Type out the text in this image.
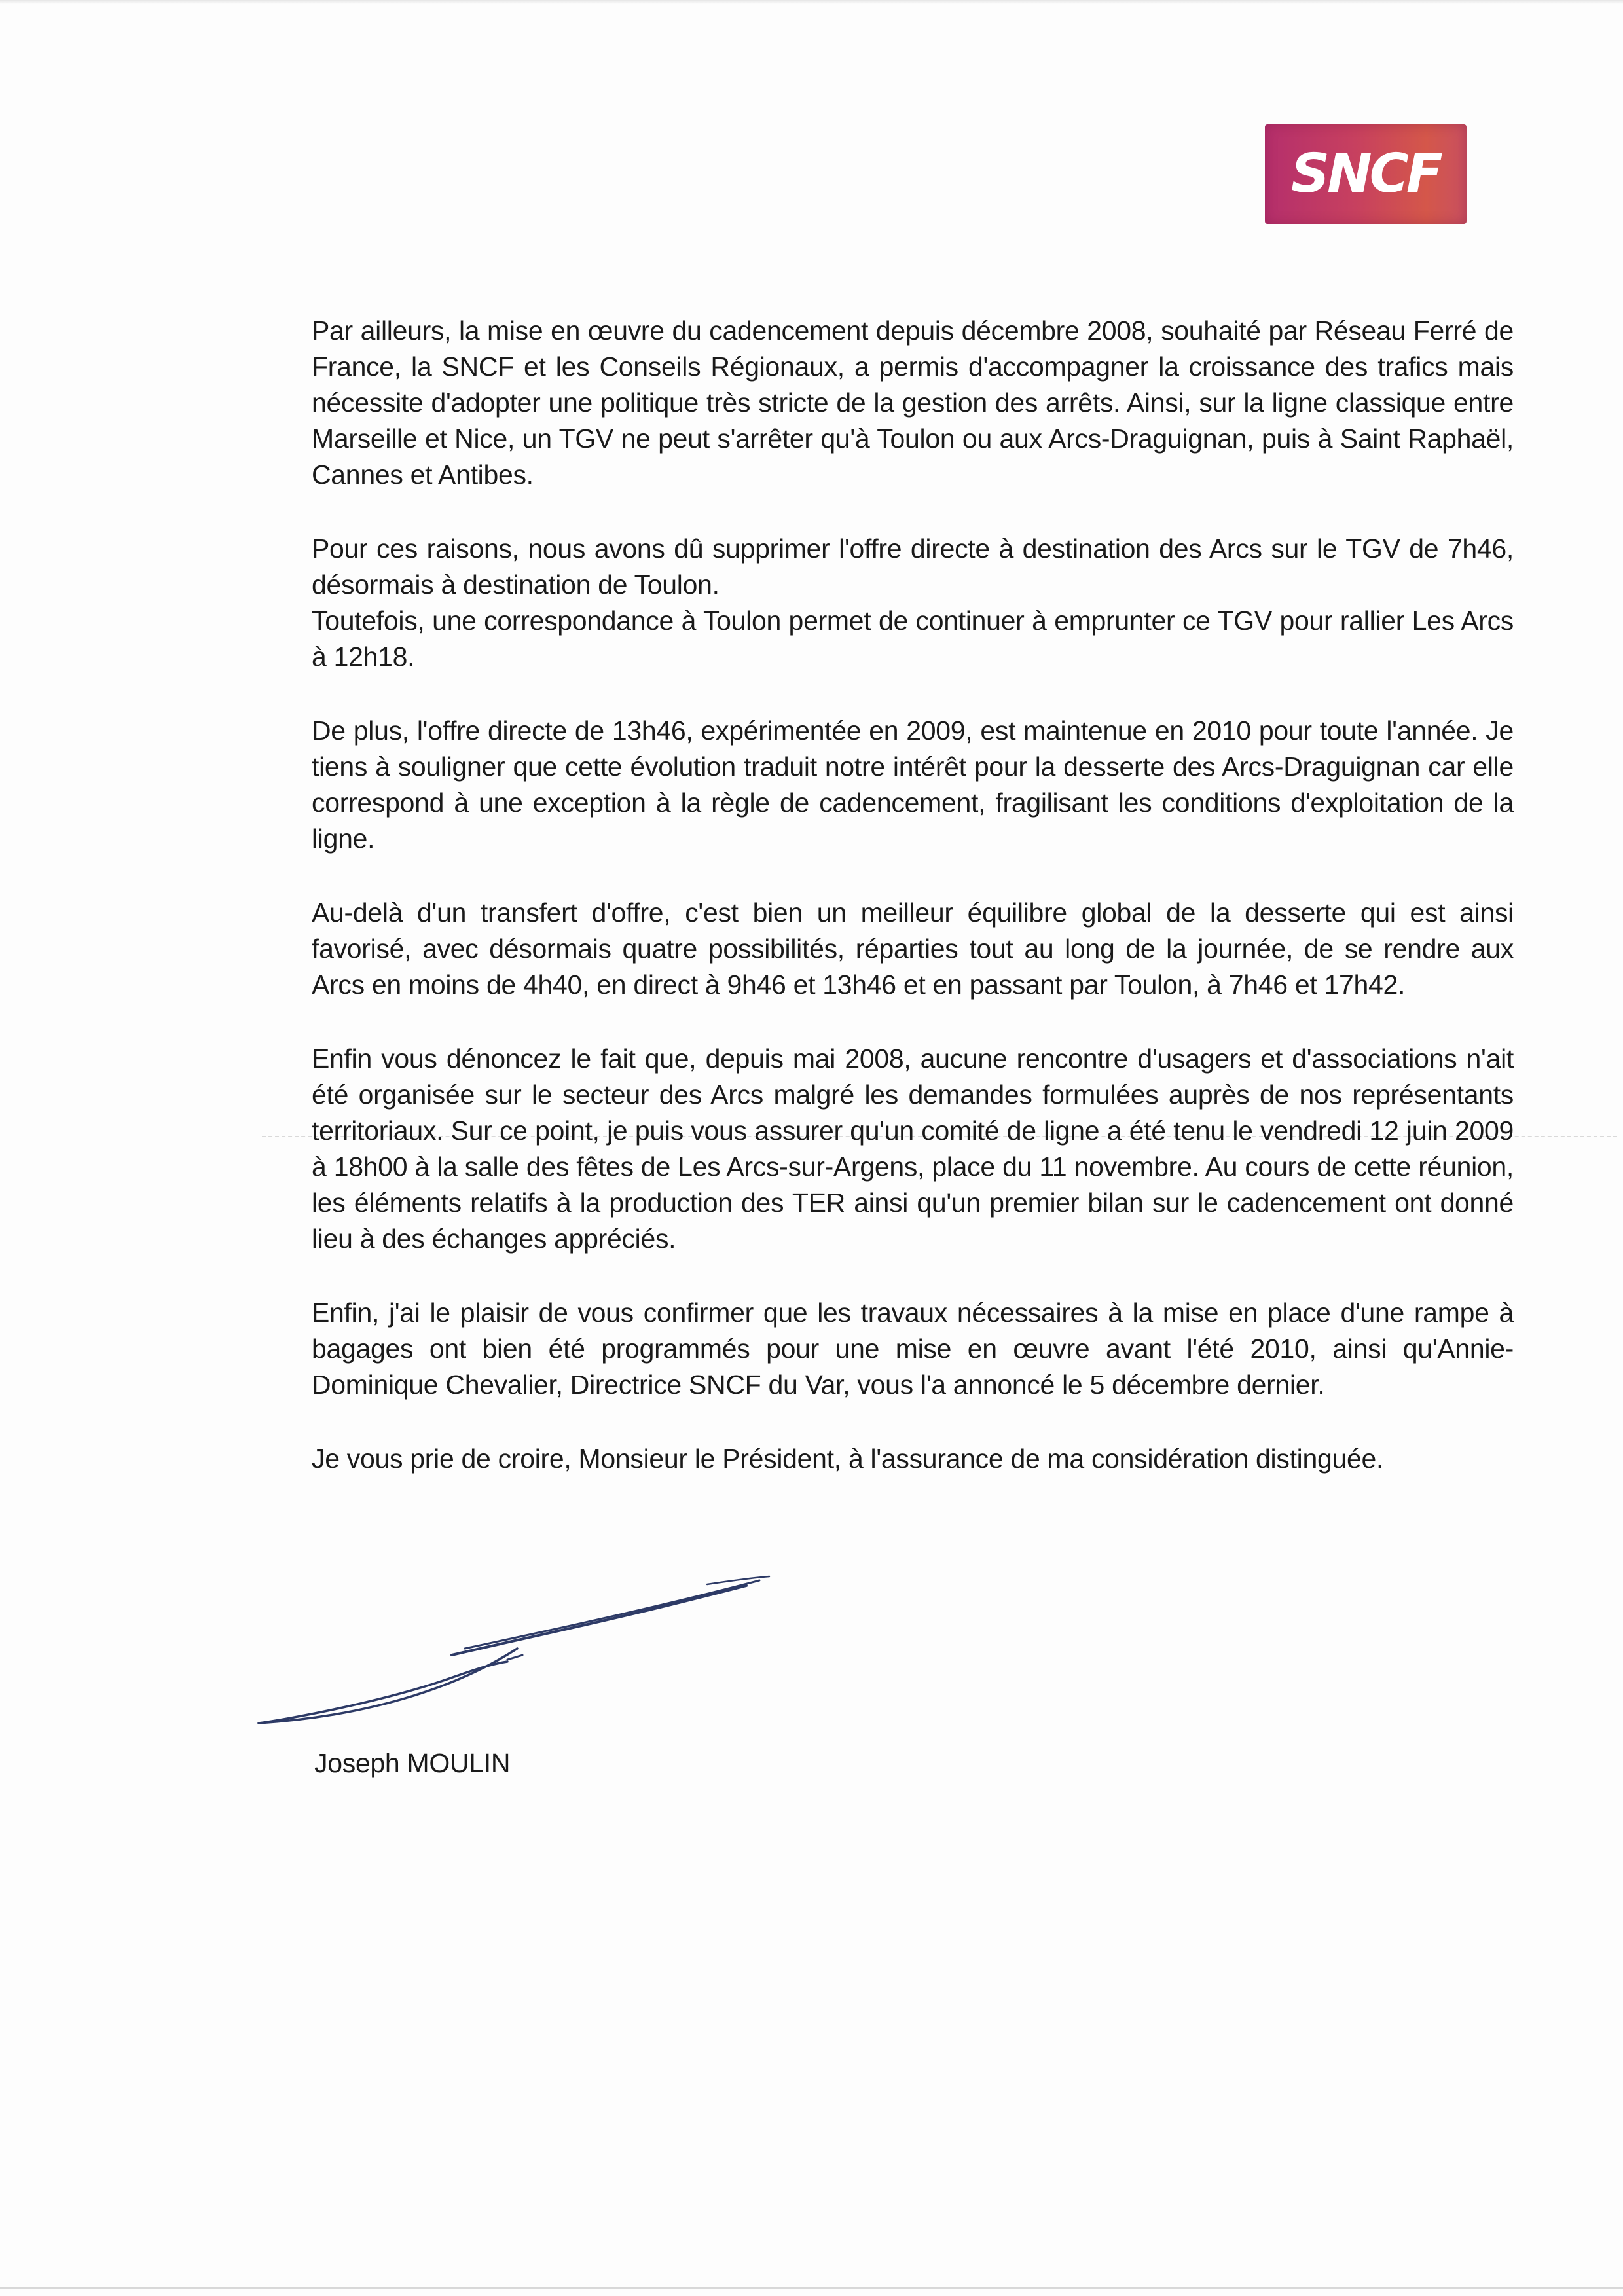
SNCF

Par ailleurs, la mise en œuvre du cadencement depuis décembre 2008, souhaité par Réseau Ferré de France, la SNCF et les Conseils Régionaux, a permis d'accompagner la croissance des trafics mais nécessite d'adopter une politique très stricte de la gestion des arrêts. Ainsi, sur la ligne classique entre Marseille et Nice, un TGV ne peut s'arrêter qu'à Toulon ou aux Arcs-Draguignan, puis à Saint Raphaël, Cannes et Antibes.

Pour ces raisons, nous avons dû supprimer l'offre directe à destination des Arcs sur le TGV de 7h46, désormais à destination de Toulon.

Toutefois, une correspondance à Toulon permet de continuer à emprunter ce TGV pour rallier Les Arcs à 12h18.

De plus, l'offre directe de 13h46, expérimentée en 2009, est maintenue en 2010 pour toute l'année. Je tiens à souligner que cette évolution traduit notre intérêt pour la desserte des Arcs-Draguignan car elle correspond à une exception à la règle de cadencement, fragilisant les conditions d'exploitation de la ligne.

Au-delà d'un transfert d'offre, c'est bien un meilleur équilibre global de la desserte qui est ainsi favorisé, avec désormais quatre possibilités, réparties tout au long de la journée, de se rendre aux Arcs en moins de 4h40, en direct à 9h46 et 13h46 et en passant par Toulon, à 7h46 et 17h42.

Enfin vous dénoncez le fait que, depuis mai 2008, aucune rencontre d'usagers et d'associations n'ait été organisée sur le secteur des Arcs malgré les demandes formulées auprès de nos représentants territoriaux. Sur ce point, je puis vous assurer qu'un comité de ligne a été tenu le vendredi 12 juin 2009 à 18h00 à la salle des fêtes de Les Arcs-sur-Argens, place du 11 novembre. Au cours de cette réunion, les éléments relatifs à la production des TER ainsi qu'un premier bilan sur le cadencement ont donné lieu à des échanges appréciés.

Enfin, j'ai le plaisir de vous confirmer que les travaux nécessaires à la mise en place d'une rampe à bagages ont bien été programmés pour une mise en œuvre avant l'été 2010, ainsi qu'Annie-Dominique Chevalier, Directrice SNCF du Var, vous l'a annoncé le 5 décembre dernier.

Je vous prie de croire, Monsieur le Président, à l'assurance de ma considération distinguée.

Joseph MOULIN
